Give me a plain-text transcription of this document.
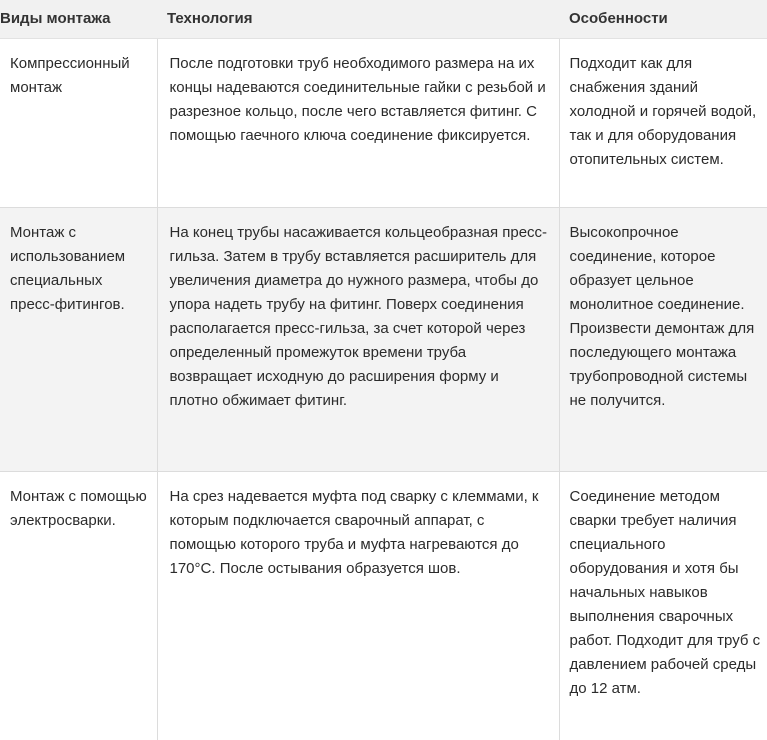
Виды монтажа	Технология	Особенности
Компрессионный монтаж	После подготовки труб необходимого размера на их концы надеваются соединительные гайки с резьбой и разрезное кольцо, после чего вставляется фитинг. С помощью гаечного ключа соединение фиксируется.	Подходит как для снабжения зданий холодной и горячей водой, так и для оборудования отопительных систем.
Монтаж с использованием специальных пресс-фитингов.	На конец трубы насаживается кольцеобразная пресс-гильза. Затем в трубу вставляется расширитель для увеличения диаметра до нужного размера, чтобы до упора надеть трубу на фитинг. Поверх соединения располагается пресс-гильза, за счет которой через определенный промежуток времени труба возвращает исходную до расширения форму и плотно обжимает фитинг.	Высокопрочное соединение, которое образует цельное монолитное соединение. Произвести демонтаж для последующего монтажа трубопроводной системы не получится.
Монтаж с помощью электросварки.	На срез надевается муфта под сварку с клеммами, к которым подключается сварочный аппарат, с помощью которого труба и муфта нагреваются до 170°С. После остывания образуется шов.	Соединение методом сварки требует наличия специального оборудования и хотя бы начальных навыков выполнения сварочных работ. Подходит для труб с давлением рабочей среды до 12 атм.
